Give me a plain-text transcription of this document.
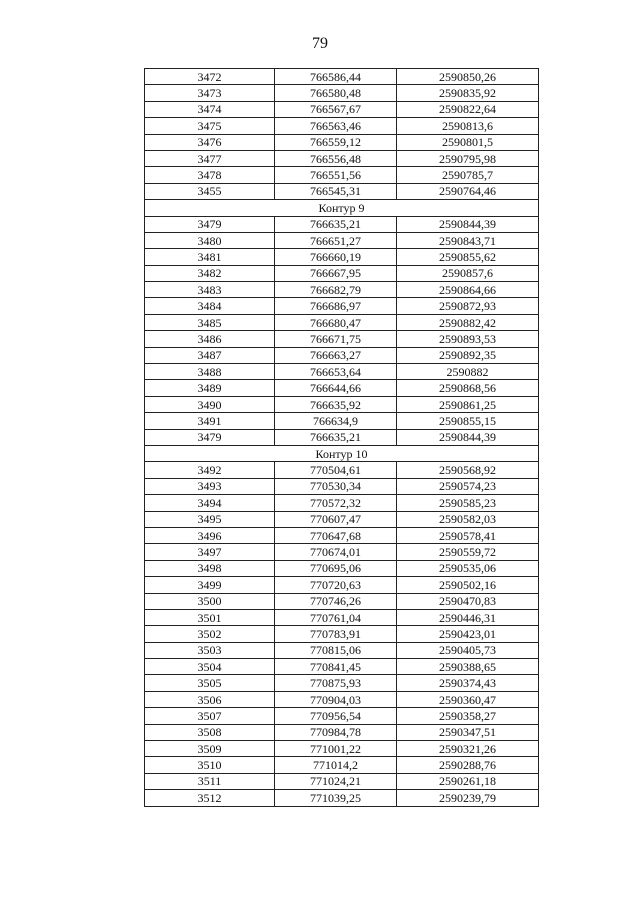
79
3472	766586,44	2590850,26
3473	766580,48	2590835,92
3474	766567,67	2590822,64
3475	766563,46	2590813,6
3476	766559,12	2590801,5
3477	766556,48	2590795,98
3478	766551,56	2590785,7
3455	766545,31	2590764,46
Контур 9		
3479	766635,21	2590844,39
3480	766651,27	2590843,71
3481	766660,19	2590855,62
3482	766667,95	2590857,6
3483	766682,79	2590864,66
3484	766686,97	2590872,93
3485	766680,47	2590882,42
3486	766671,75	2590893,53
3487	766663,27	2590892,35
3488	766653,64	2590882
3489	766644,66	2590868,56
3490	766635,92	2590861,25
3491	766634,9	2590855,15
3479	766635,21	2590844,39
Контур 10		
3492	770504,61	2590568,92
3493	770530,34	2590574,23
3494	770572,32	2590585,23
3495	770607,47	2590582,03
3496	770647,68	2590578,41
3497	770674,01	2590559,72
3498	770695,06	2590535,06
3499	770720,63	2590502,16
3500	770746,26	2590470,83
3501	770761,04	2590446,31
3502	770783,91	2590423,01
3503	770815,06	2590405,73
3504	770841,45	2590388,65
3505	770875,93	2590374,43
3506	770904,03	2590360,47
3507	770956,54	2590358,27
3508	770984,78	2590347,51
3509	771001,22	2590321,26
3510	771014,2	2590288,76
3511	771024,21	2590261,18
3512	771039,25	2590239,79
